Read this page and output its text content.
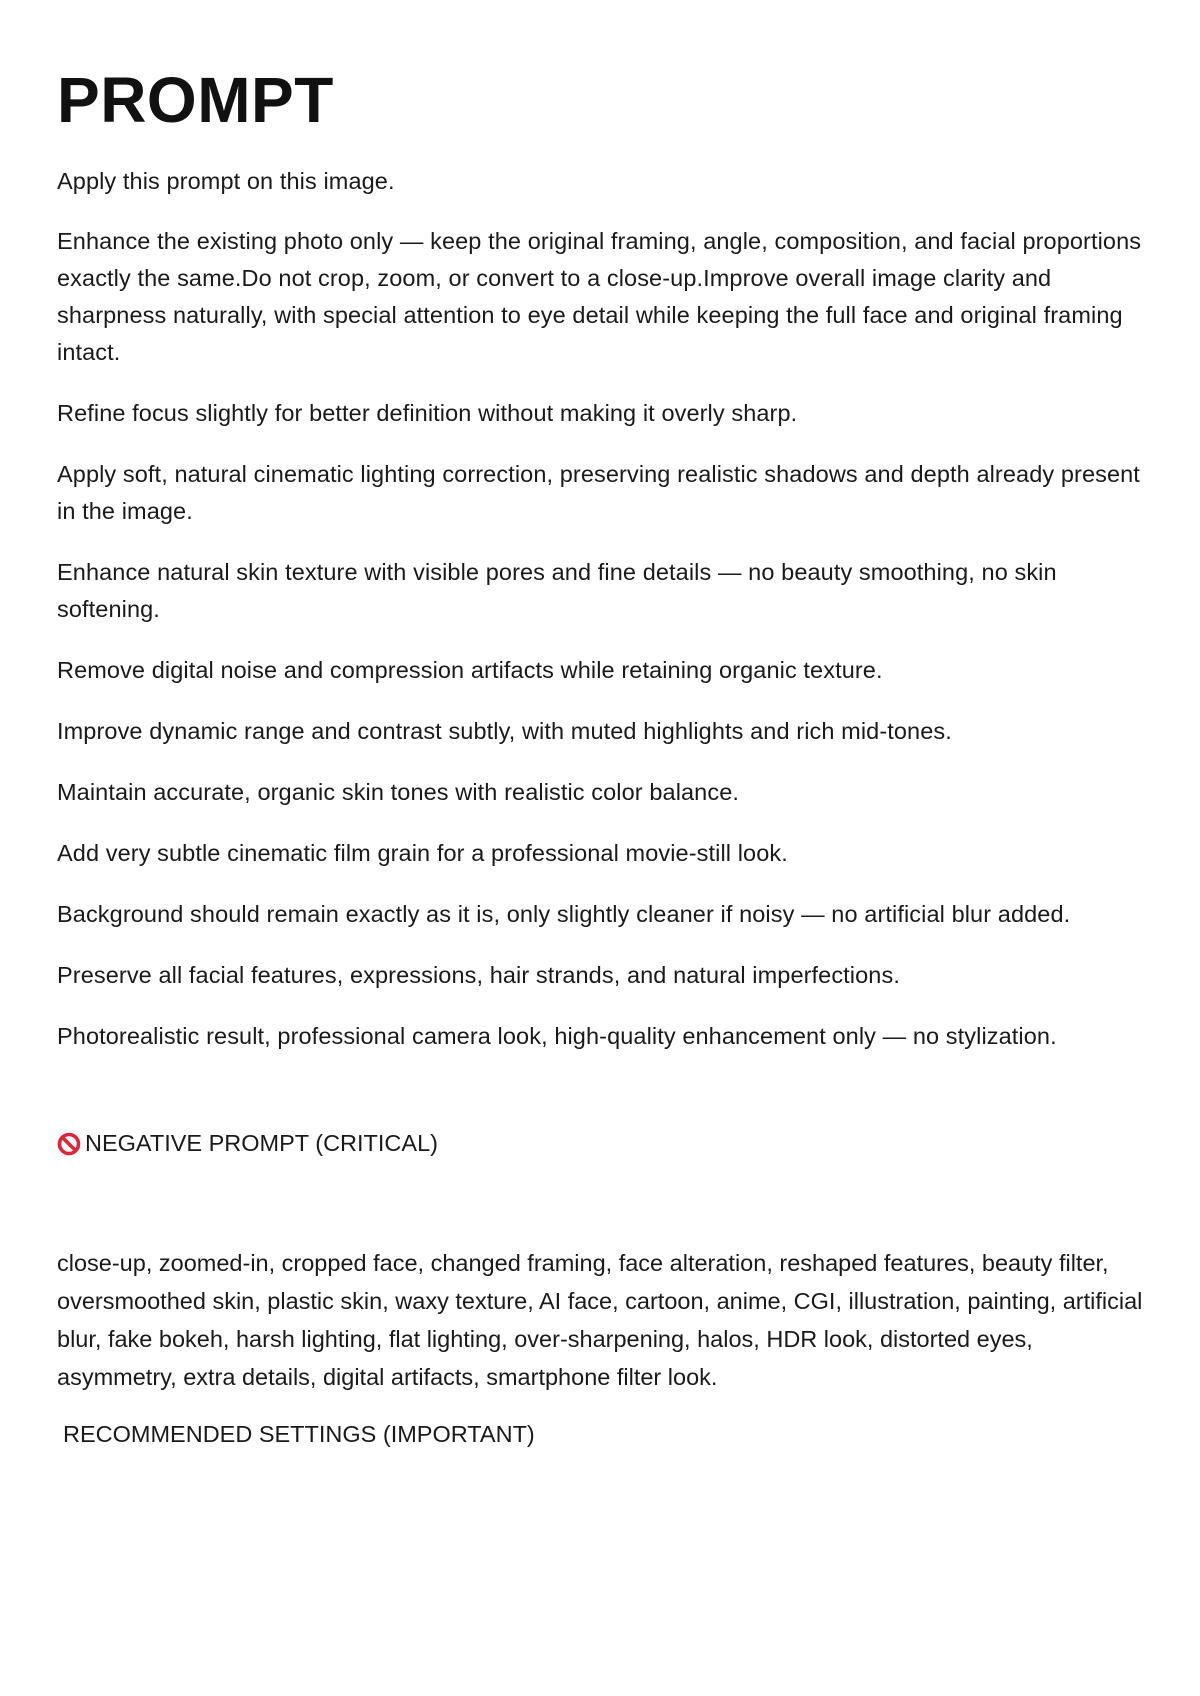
PROMPT

Apply this prompt on this image.

Enhance the existing photo only — keep the original framing, angle, composition, and facial proportions exactly the same.Do not crop, zoom, or convert to a close-up.Improve overall image clarity and sharpness naturally, with special attention to eye detail while keeping the full face and original framing intact.

Refine focus slightly for better definition without making it overly sharp.

Apply soft, natural cinematic lighting correction, preserving realistic shadows and depth already present in the image.

Enhance natural skin texture with visible pores and fine details — no beauty smoothing, no skin softening.

Remove digital noise and compression artifacts while retaining organic texture.

Improve dynamic range and contrast subtly, with muted highlights and rich mid-tones.

Maintain accurate, organic skin tones with realistic color balance.

Add very subtle cinematic film grain for a professional movie-still look.

Background should remain exactly as it is, only slightly cleaner if noisy — no artificial blur added.

Preserve all facial features, expressions, hair strands, and natural imperfections.

Photorealistic result, professional camera look, high-quality enhancement only — no stylization.

NEGATIVE PROMPT (CRITICAL)

close-up, zoomed-in, cropped face, changed framing, face alteration, reshaped features, beauty filter, oversmoothed skin, plastic skin, waxy texture, AI face, cartoon, anime, CGI, illustration, painting, artificial blur, fake bokeh, harsh lighting, flat lighting, over-sharpening, halos, HDR look, distorted eyes, asymmetry, extra details, digital artifacts, smartphone filter look.

RECOMMENDED SETTINGS (IMPORTANT)
